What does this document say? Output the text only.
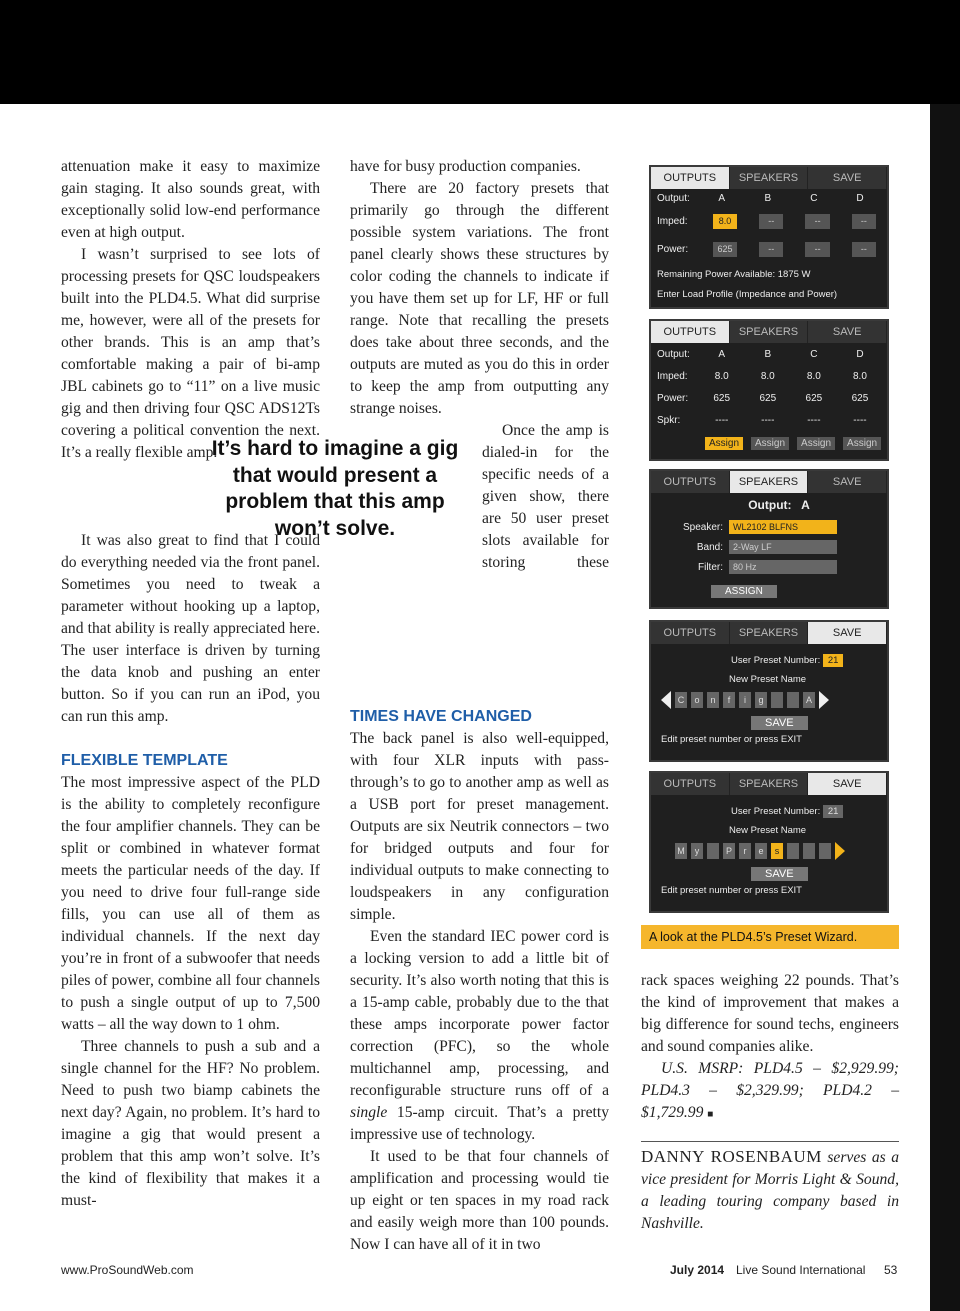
attenuation make it easy to maximize gain staging. It also sounds great, with exceptionally solid low-end performance even at high output.

I wasn’t surprised to see lots of processing presets for QSC loudspeakers built into the PLD4.5. What did surprise me, however, were all of the presets for other brands. This is an amp that’s comfortable making a pair of bi-amp JBL cabinets go to “11” on a live music gig and then driving four QSC ADS12Ts covering a political convention the next. It’s a really flexible amp.

It was also great to find that I could do everything needed via the front panel. Sometimes you need to tweak a parameter without hooking up a laptop, and that ability is really appreciated here. The user interface is driven by turning the data knob and pushing an enter button. So if you can run an iPod, you can run this amp.

FLEXIBLE TEMPLATE

The most impressive aspect of the PLD is the ability to completely reconfigure the four amplifier channels. They can be split or combined in whatever format meets the particular needs of the day. If you need to drive four full-range side fills, you can use all of them as individual channels. If the next day you’re in front of a subwoofer that needs piles of power, combine all four channels to push a single output of up to 7,500 watts – all the way down to 1 ohm.

Three channels to push a sub and a single channel for the HF? No problem. Need to push two biamp cabinets the next day? Again, no problem. It’s hard to imagine a gig that would present a problem that this amp won’t solve. It’s the kind of flexibility that makes it a must-

have for busy production companies.

There are 20 factory presets that primarily go through the different possible system variations. The front panel clearly shows these structures by color coding the channels to indicate if you have them set up for LF, HF or full range. Note that recalling the presets does take about three seconds, and the outputs are muted as you do this in order to keep the amp from outputting any strange noises.

Once the amp is dialed-in for the specific needs of a given show, there are 50 user preset slots available for storing these

TIMES HAVE CHANGED

The back panel is also well-equipped, with four XLR inputs with pass-through’s to go to another amp as well as a USB port for preset management. Outputs are six Neutrik connectors – two for bridged outputs and four for individual outputs to make connecting to loudspeakers in any configuration simple.

Even the standard IEC power cord is a locking version to add a little bit of security. It’s also worth noting that this is a 15-amp cable, probably due to the that these amps incorporate power factor correction (PFC), so the whole multichannel amp, processing, and reconfigurable structure runs off of a single 15-amp circuit. That’s a pretty impressive use of technology.

It used to be that four channels of amplification and processing would tie up eight or ten spaces in my road rack and easily weigh more than 100 pounds. Now I can have all of it in two

It’s hard to imagine a gig that would present a problem that this amp won’t solve.
OUTPUTS	SPEAKERS	SAVE
Output:	A	B	C	D
Imped:	8.0	--	--	--
Power:	625	--	--	--
Remaining Power Available: 1875 W
Enter Load Profile (Impedance and Power)
OUTPUTS	SPEAKERS	SAVE
Output:	A	B	C	D
Imped:	8.0	8.0	8.0	8.0
Power:	625	625	625	625
Spkr:	----	----	----	----
Assign	Assign	Assign	Assign
OUTPUTS	SPEAKERS	SAVE
Output: A
Speaker:	WL2102 BLFNS
Band:	2-Way LF
Filter:	80 Hz
ASSIGN
OUTPUTS	SPEAKERS	SAVE
User Preset Number: 21
New Preset Name
C	o	n	f	i	g	A
SAVE
Edit preset number or press EXIT
OUTPUTS	SPEAKERS	SAVE
User Preset Number: 21
New Preset Name
M	y	P	r	e	s
SAVE
Edit preset number or press EXIT
A look at the PLD4.5’s Preset Wizard.

rack spaces weighing 22 pounds. That’s the kind of improvement that makes a big difference for sound techs, engineers and sound companies alike.

U.S. MSRP: PLD4.5 – $2,929.99; PLD4.3 – $2,329.99; PLD4.2 – $1,729.99 ■

DANNY ROSENBAUM serves as a vice president for Morris Light & Sound, a leading touring company based in Nashville.

www.ProSoundWeb.com	July 2014 Live Sound International 53
